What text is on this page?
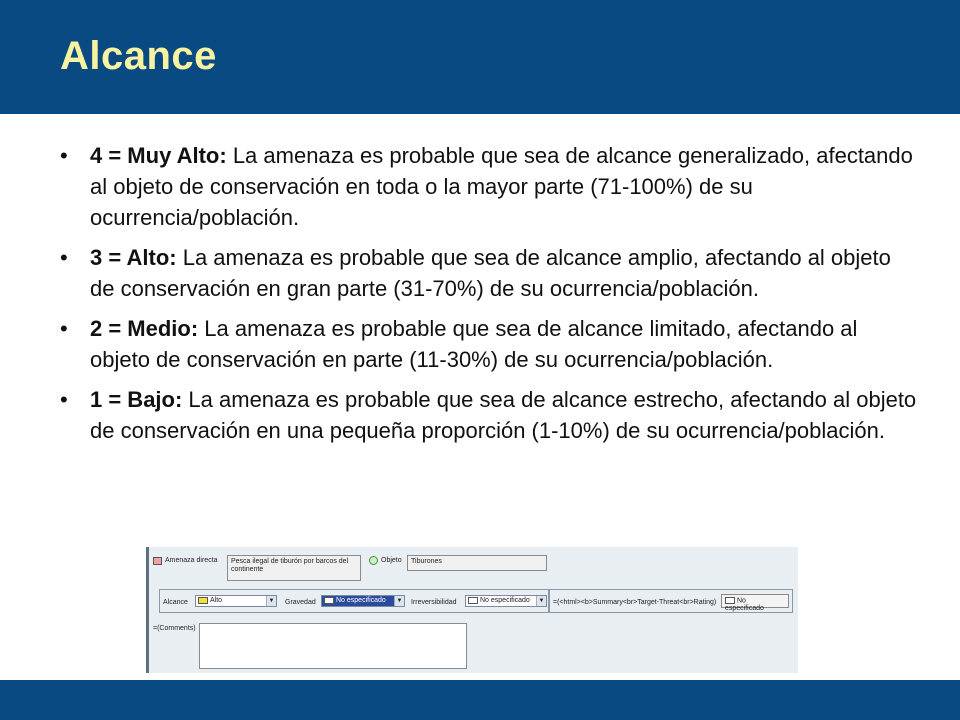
Alcance
• 4 = Muy Alto: La amenaza es probable que sea de alcance generalizado, afectando al objeto de conservación en toda o la mayor parte (71-100%) de su ocurrencia/población.
• 3 = Alto: La amenaza es probable que sea de alcance amplio, afectando al objeto de conservación en gran parte (31-70%) de su ocurrencia/población.
• 2 = Medio: La amenaza es probable que sea de alcance limitado, afectando al objeto de conservación en parte (11-30%) de su ocurrencia/población.
• 1 = Bajo: La amenaza es probable que sea de alcance estrecho, afectando al objeto de conservación en una pequeña proporción (1-10%) de su ocurrencia/población.
Amenaza directa Pesca ilegal de tiburón por barcos del
continente
Objeto	Tiburones
Alcance	Alto	▼ Gravedad	No especificado	▼ Irreversibilidad	No especificado	▼ =(<html><b>Summary<br>Target-Threat<br>Rating)	No especificado
=(Comments)
